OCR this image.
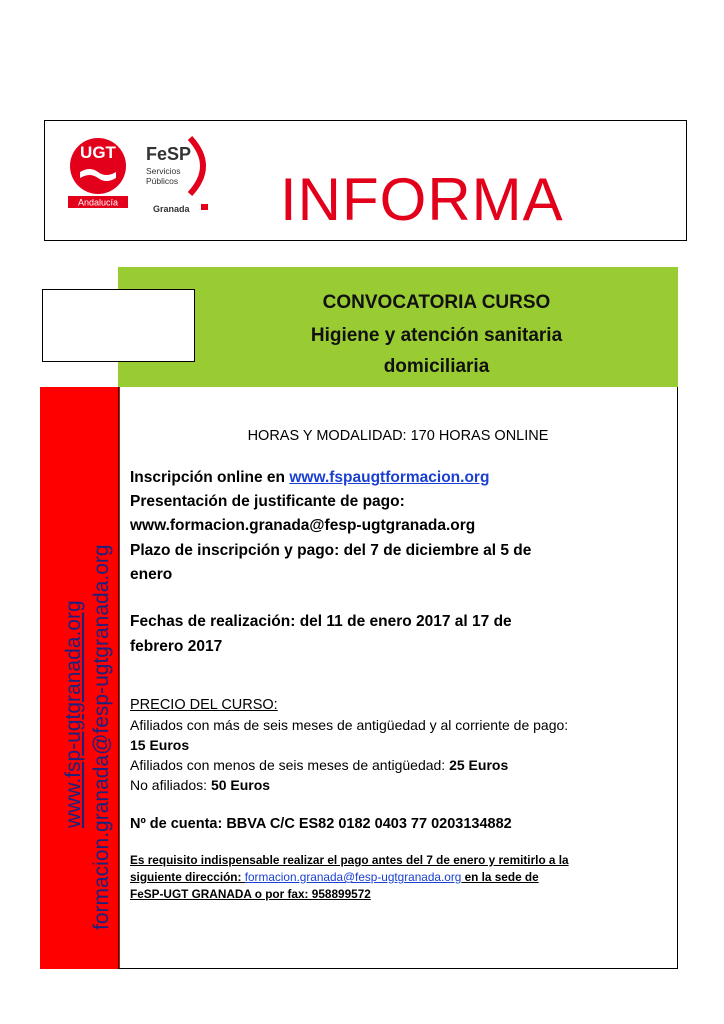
UGT
Andalucía
FeSP
Servicios
Públicos
Granada INFORMA
CONVOCATORIA CURSO
Higiene y atención sanitaria
domiciliaria
www.fsp-ugtgranada.org formacion.granada@fesp-ugtgranada.org
HORAS Y MODALIDAD: 170 HORAS ONLINE
Inscripción online en www.fspaugtformacion.org
Presentación de justificante de pago:
www.formacion.granada@fesp-ugtgranada.org
Plazo de inscripción y pago: del 7 de diciembre al 5 de
enero
Fechas de realización: del 11 de enero 2017 al 17 de
febrero 2017
PRECIO DEL CURSO:
Afiliados con más de seis meses de antigüedad y al corriente de pago:
15 Euros
Afiliados con menos de seis meses de antigüedad: 25 Euros
No afiliados: 50 Euros
Nº de cuenta: BBVA C/C ES82 0182 0403 77 0203134882
Es requisito indispensable realizar el pago antes del 7 de enero y remitirlo a la
siguiente dirección: formacion.granada@fesp-ugtgranada.org en la sede de
FeSP-UGT GRANADA o por fax: 958899572
